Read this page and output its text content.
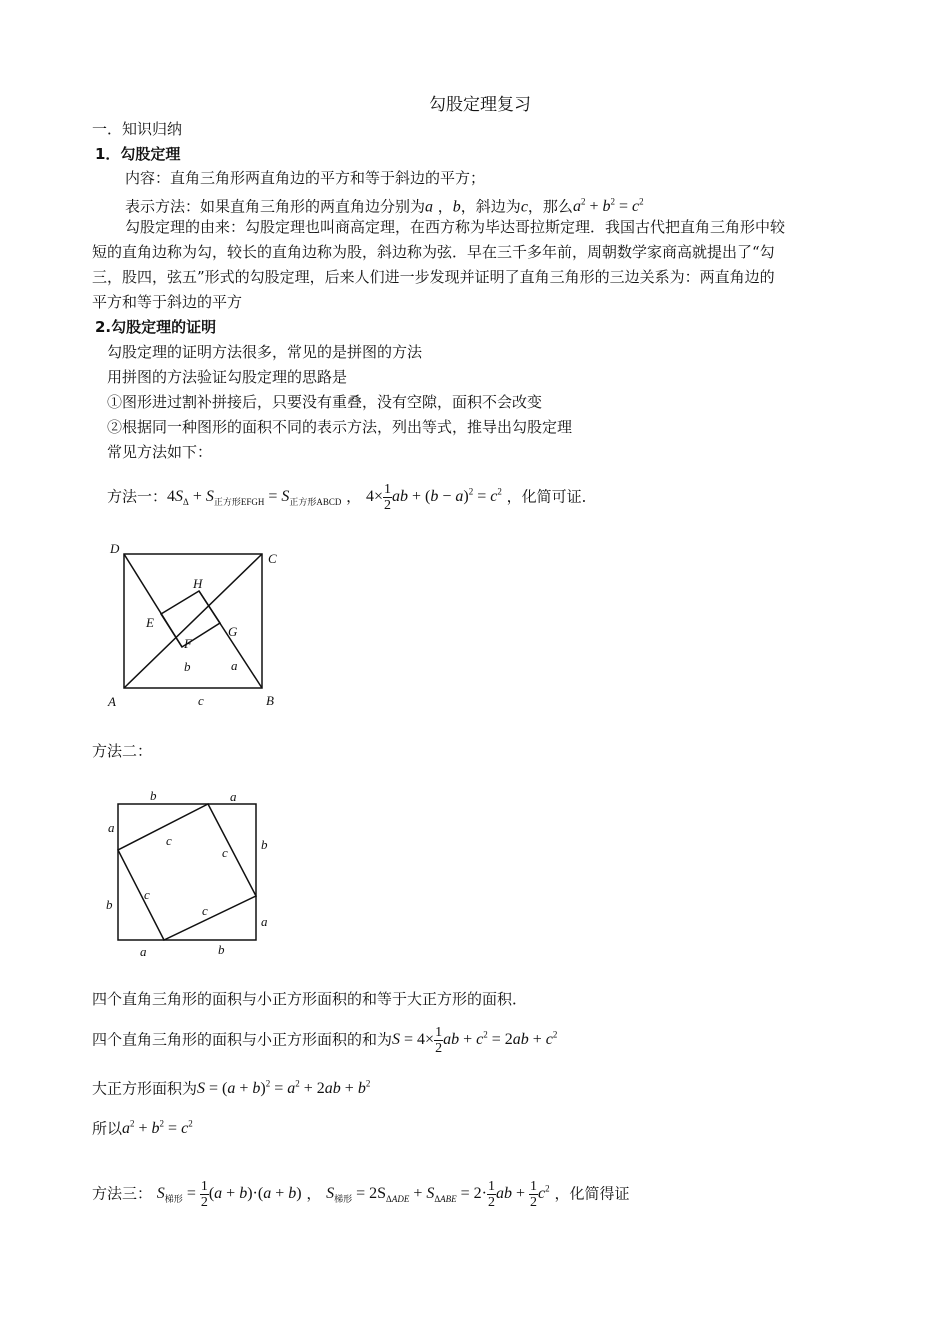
勾股定理复习
一．知识归纳
1．勾股定理
内容：直角三角形两直角边的平方和等于斜边的平方；
表示方法：如果直角三角形的两直角边分别为a ，b，斜边为c，那么$a^2 + b^2 = c^2$
勾股定理的由来：勾股定理也叫商高定理，在西方称为毕达哥拉斯定理．我国古代把直角三角形中较
短的直角边称为勾，较长的直角边称为股，斜边称为弦．早在三千多年前，周朝数学家商高就提出了“勾
三，股四，弦五”形式的勾股定理，后来人们进一步发现并证明了直角三角形的三边关系为：两直角边的
平方和等于斜边的平方
2.勾股定理的证明
勾股定理的证明方法很多，常见的是拼图的方法
用拼图的方法验证勾股定理的思路是
①图形进过割补拼接后，只要没有重叠，没有空隙，面积不会改变
②根据同一种图形的面积不同的表示方法，列出等式，推导出勾股定理
常见方法如下：
方法一：$4S_\Delta + S_{正方形EFGH} = S_{正方形ABCD}$ ， $4\times \frac{1}{2}$ ab + $(b - a)^2 = c^2$ ，化简可证．
D
C
H
E
F
G
b	a
A	c	B
方法二：
b	a
a
b
b
a
a	b
c
c
c
c
四个直角三角形的面积与小正方形面积的和等于大正方形的面积．
四个直角三角形的面积与小正方形面积的和为$S = 4\times \frac{1}{2}$ ab + $c^2 = 2ab + c^2$
大正方形面积为$S = (a + b)^2 = a^2 + 2ab + b^2$
所以$a^2 + b^2 = c^2$
方法三： $S_{梯形} = \frac{1}{2} (a + b)\cdot(a + b)$ ， $S_{梯形} = 2S_{\Delta ADE} + S_{\Delta ABE} = 2\cdot \frac{1}{2}$ ab + $\frac{1}{2} c^2$ ，化简得证
